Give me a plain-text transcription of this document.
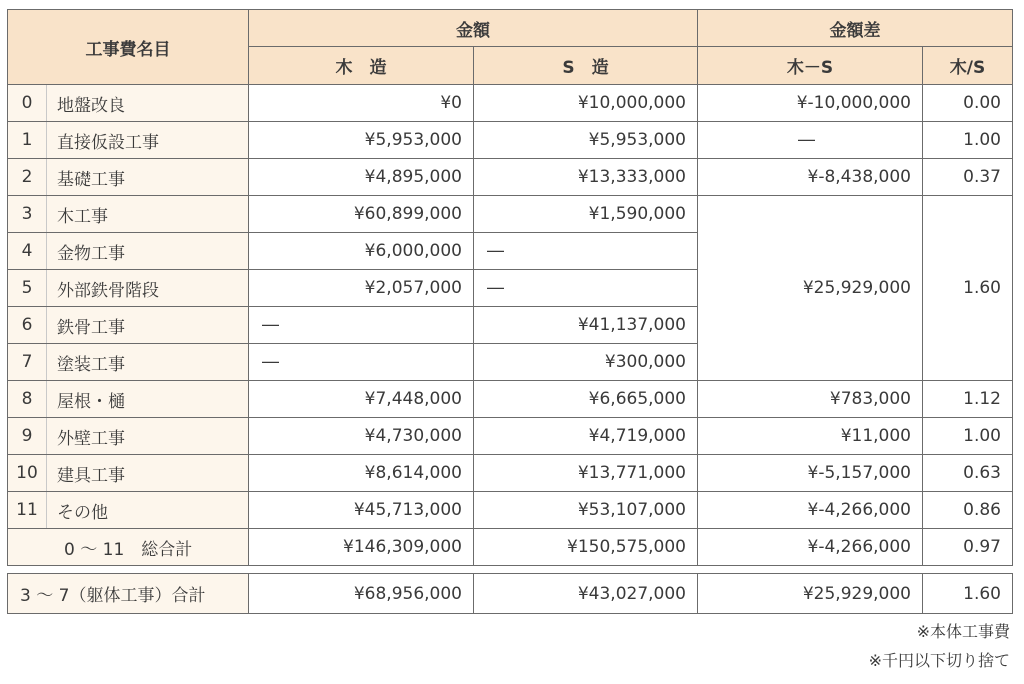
工事費名目		金額		金額差	
		木　造	S　造	木－S	木/S
0	地盤改良	¥0	¥10,000,000	¥-10,000,000	0.00
1	直接仮設工事	¥5,953,000	¥5,953,000	―	1.00
2	基礎工事	¥4,895,000	¥13,333,000	¥-8,438,000	0.37
3	木工事	¥60,899,000	¥1,590,000	¥25,929,000	1.60
4	金物工事	¥6,000,000	―		
5	外部鉄骨階段	¥2,057,000	―		
6	鉄骨工事	―	¥41,137,000		
7	塗装工事	―	¥300,000		
8	屋根・樋	¥7,448,000	¥6,665,000	¥783,000	1.12
9	外壁工事	¥4,730,000	¥4,719,000	¥11,000	1.00
10	建具工事	¥8,614,000	¥13,771,000	¥-5,157,000	0.63
11	その他	¥45,713,000	¥53,107,000	¥-4,266,000	0.86
0 ～ 11　総合計		¥146,309,000	¥150,575,000	¥-4,266,000	0.97
3 ～ 7（躯体工事）合計	¥68,956,000	¥43,027,000	¥25,929,000	1.60
※本体工事費
※千円以下切り捨て
